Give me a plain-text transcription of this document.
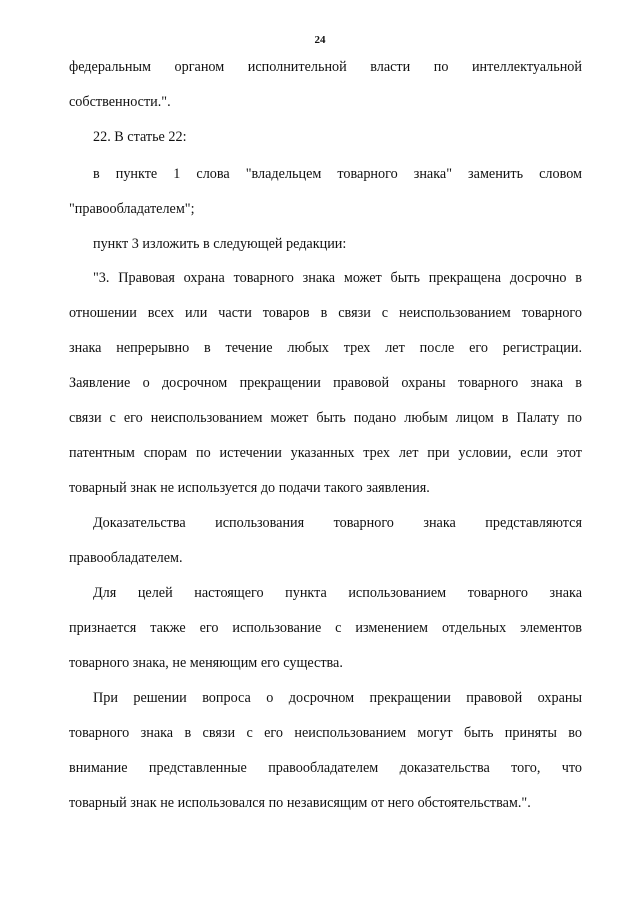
24
федеральным органом исполнительной власти по интеллектуальной
собственности.".
22. В статье 22:
в пункте 1 слова "владельцем товарного знака" заменить словом
"правообладателем";
пункт 3 изложить в следующей редакции:
"3. Правовая охрана товарного знака может быть прекращена досрочно в
отношении всех или части товаров в связи с неиспользованием товарного
знака непрерывно в течение любых трех лет после его регистрации.
Заявление о досрочном прекращении правовой охраны товарного знака в
связи с его неиспользованием может быть подано любым лицом в Палату по
патентным спорам по истечении указанных трех лет при условии, если этот
товарный знак не используется до подачи такого заявления.
Доказательства использования товарного знака представляются
правообладателем.
Для целей настоящего пункта использованием товарного знака
признается также его использование с изменением отдельных элементов
товарного знака, не меняющим его существа.
При решении вопроса о досрочном прекращении правовой охраны
товарного знака в связи с его неиспользованием могут быть приняты во
внимание представленные правообладателем доказательства того, что
товарный знак не использовался по независящим от него обстоятельствам.".
